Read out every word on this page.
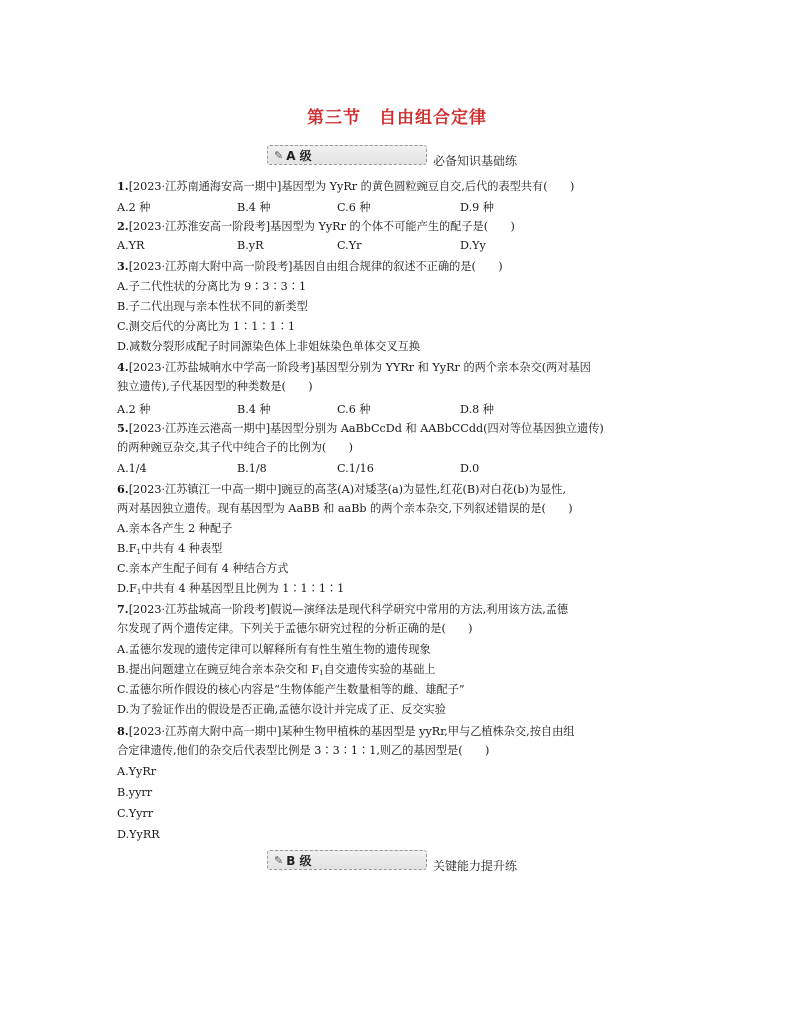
第三节 自由组合定律
✎ A 级	必备知识基础练
1.[2023·江苏南通海安高一期中]基因型为 YyRr 的黄色圆粒豌豆自交,后代的表型共有(　　)
A.2 种	B.4 种	C.6 种	D.9 种
2.[2023·江苏淮安高一阶段考]基因型为 YyRr 的个体不可能产生的配子是(　　)
A.YR	B.yR	C.Yr	D.Yy
3.[2023·江苏南大附中高一阶段考]基因自由组合规律的叙述不正确的是(　　)
A.子二代性状的分离比为 9∶3∶3∶1
B.子二代出现与亲本性状不同的新类型
C.测交后代的分离比为 1∶1∶1∶1
D.减数分裂形成配子时同源染色体上非姐妹染色单体交叉互换
4.[2023·江苏盐城响水中学高一阶段考]基因型分别为 YYRr 和 YyRr 的两个亲本杂交(两对基因
独立遗传),子代基因型的种类数是(　　)
A.2 种	B.4 种	C.6 种	D.8 种
5.[2023·江苏连云港高一期中]基因型分别为 AaBbCcDd 和 AABbCCdd(四对等位基因独立遗传)
的两种豌豆杂交,其子代中纯合子的比例为(　　)
A.1/4	B.1/8	C.1/16	D.0
6.[2023·江苏镇江一中高一期中]豌豆的高茎(A)对矮茎(a)为显性,红花(B)对白花(b)为显性,
两对基因独立遗传。现有基因型为 AaBB 和 aaBb 的两个亲本杂交,下列叙述错误的是(　　)
A.亲本各产生 2 种配子
$B.F_1$中共有 4 种表型
C.亲本产生配子间有 4 种结合方式
$D.F_1$中共有 4 种基因型且比例为 1∶1∶1∶1
7.[2023·江苏盐城高一阶段考]假说—演绎法是现代科学研究中常用的方法,利用该方法,孟德
尔发现了两个遗传定律。下列关于孟德尔研究过程的分析正确的是(　　)
A.孟德尔发现的遗传定律可以解释所有有性生殖生物的遗传现象
B.提出问题建立在豌豆纯合亲本杂交和 $F_1$自交遗传实验的基础上
C.孟德尔所作假设的核心内容是“生物体能产生数量相等的雌、雄配子”
D.为了验证作出的假设是否正确,孟德尔设计并完成了正、反交实验
8.[2023·江苏南大附中高一期中]某种生物甲植株的基因型是 yyRr,甲与乙植株杂交,按自由组
合定律遗传,他们的杂交后代表型比例是 3∶3∶1∶1,则乙的基因型是(　　)
A.YyRr
B.yyrr
C.Yyrr
D.YyRR
✎ B 级	关键能力提升练
